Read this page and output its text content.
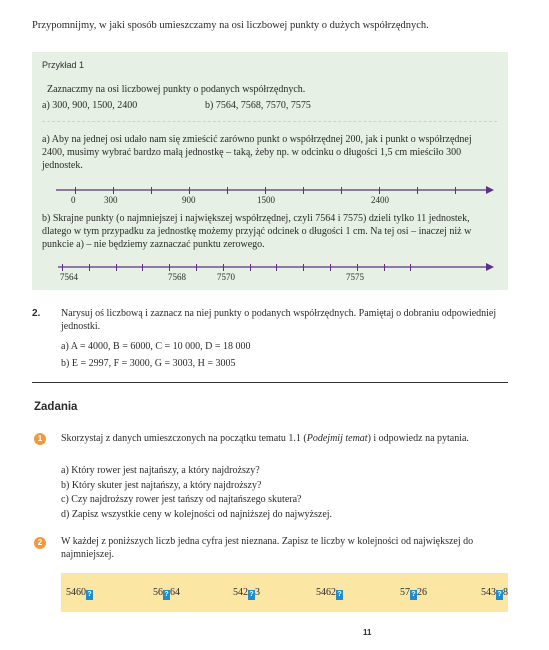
Przypomnijmy, w jaki sposób umieszczamy na osi liczbowej punkty o dużych współrzędnych.
Przykład 1
Zaznaczmy na osi liczbowej punkty o podanych współrzędnych.
a) 300, 900, 1500, 2400	b) 7564, 7568, 7570, 7575
a) Aby na jednej osi udało nam się zmieścić zarówno punkt o współrzędnej 200, jak i punkt o współrzędnej 2400, musimy wybrać bardzo małą jednostkę – taką, żeby np. w odcinku o długości 1,5 cm mieściło 300 jednostek.
0	300	900	1500	2400
b) Skrajne punkty (o najmniejszej i największej współrzędnej, czyli 7564 i 7575) dzieli tylko 11 jednostek, dlatego w tym przypadku za jednostkę możemy przyjąć odcinek o długości 1 cm. Na tej osi – inaczej niż w punkcie a) – nie będziemy zaznaczać punktu zerowego.
7564	7568	7570	7575
2. Narysuj oś liczbową i zaznacz na niej punkty o podanych współrzędnych. Pamiętaj o dobraniu odpowiedniej jednostki.
a) A = 4000, B = 6000, C = 10 000, D = 18 000
b) E = 2997, F = 3000, G = 3003, H = 3005
Zadania
1	Skorzystaj z danych umieszczonych na początku tematu 1.1 (Podejmij temat) i odpowiedz na pytania.
a) Który rower jest najtańszy, a który najdroższy?
b) Który skuter jest najtańszy, a który najdroższy?
c) Czy najdroższy rower jest tańszy od najtańszego skutera?
d) Zapisz wszystkie ceny w kolejności od najniższej do najwyższej.
2	W każdej z poniższych liczb jedna cyfra jest nieznana. Zapisz te liczby w kolejności od największej do najmniejszej.
5460?	56?64	542?3	5462?	57?26	543?8
11
